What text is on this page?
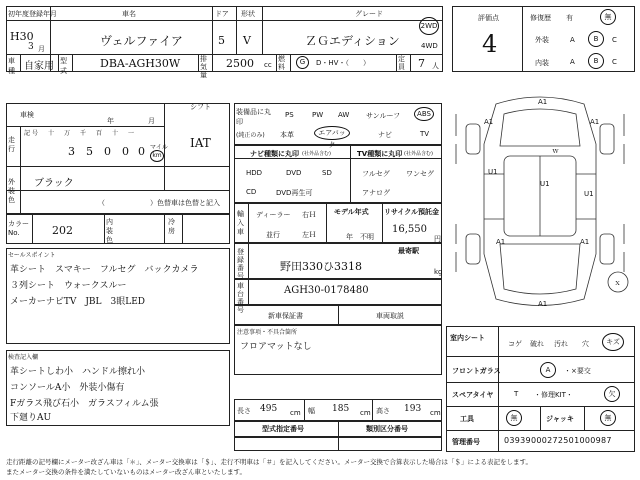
初年度登録年月	車名	ドア 形状	グレード
H30
3 月
ヴェルファイア	5 V	ＺＧエディション
2WD
4WD
車種 自家用 型式
DBA-AGH30W	排気量
2500 cc
燃料
G	D・HV・（　　）	定員 7 人
評価点
4
修復歴 有	無
外装	A	B	C
内装	A	B	C
車検
年	月
シフト
IAT
走行
記号　十　万　千　百　十　一
3 5 0 0 0 マイル
km
外装色
ブラック
（	）色替車は色替と記入
カラーNo.	202
内装色
冷房
装備品に丸印
(純正のみ)
PS	PW AW サンルーフ	ABS
本革	エアバック
ナビ	TV
ナビ種類に丸印 (社外品含む)	TV種類に丸印 (社外品含む)
HDD	DVD	SD
CD	DVD再生可
フルセグ ワンセグ
アナログ
輸入車
ディーラー
並行
右Ｈ
左Ｈ
モデル年式
年　不明
リサイクル預託金
16,550
円
登録番号
最寄駅
野田330ひ3318	kg
車台番号
AGH30-0178480
新車保証書	車両取説
セールスポイント
革シート　スマキー　フルセグ　バックカメラ
３列シート　ウォークスルー
メーカーナビTV　JBL　3眼LED
注意事項・不具合箇所
フロアマットなし
検査記入欄
革シートしわ小　ハンドル擦れ小
コンソールA小　外装小傷有
Fガラス飛び石小　ガラスフィルム張
下廻りAU
長さ 495 cm 幅 185 cm 高さ 193 cm
型式指定番号	類別区分番号
A1
A1	A1
ｗ
U1
U1
U1
A1	A1
A1
ｘ
室内シート
コゲ 破れ 汚れ 穴	キズ
フロントガラス	A	・×要交
スペアタイヤ	T ・修理KIT・	欠
工具	無	ジャッキ	無
管理番号	03939000272501000987
走行距離の記号欄にメーター改ざん車は「＊」、メーター交換車は「＄」、走行不明車は「＃」を記入してください。メーター交換で合算表示した場合は「＄」による表記をします。
またメーター交換の条件を満たしていないものはメーター改ざん車といたします。
